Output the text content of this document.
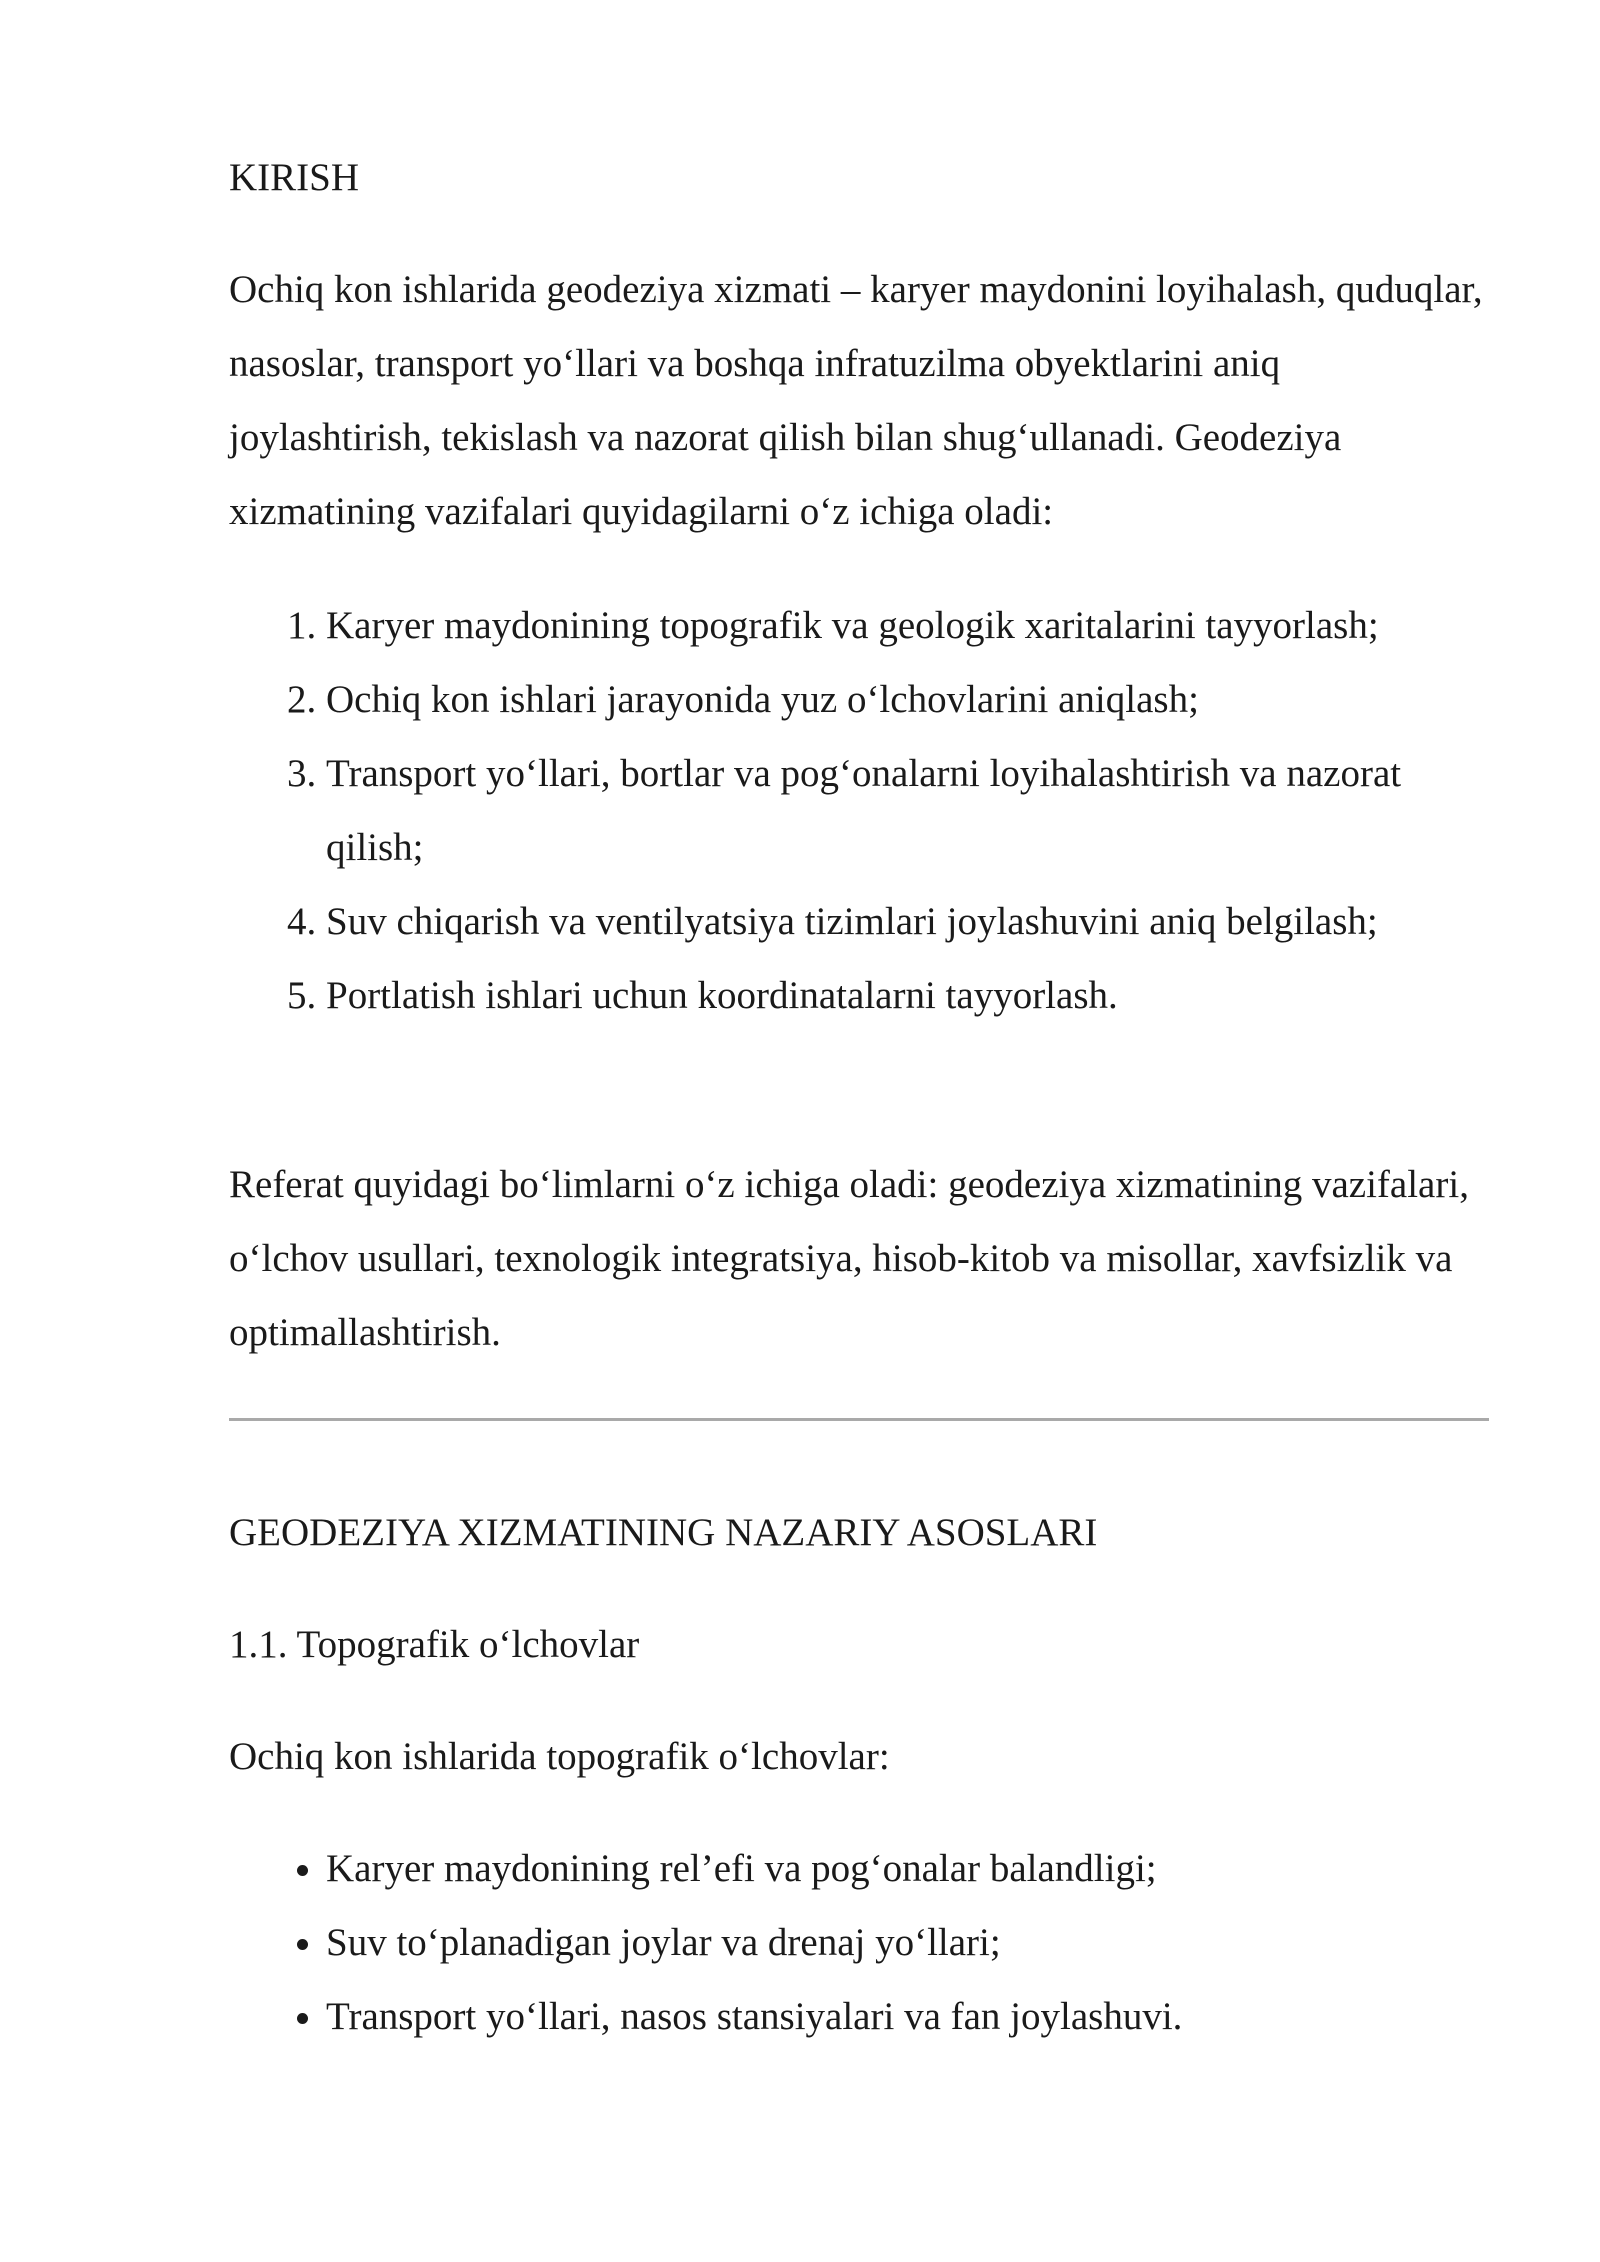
KIRISH

Ochiq kon ishlarida geodeziya xizmati – karyer maydonini loyihalash, quduqlar, nasoslar, transport yo‘llari va boshqa infratuzilma obyektlarini aniq joylashtirish, tekislash va nazorat qilish bilan shug‘ullanadi. Geodeziya xizmatining vazifalari quyidagilarni o‘z ichiga oladi:

1. Karyer maydonining topografik va geologik xaritalarini tayyorlash;
2. Ochiq kon ishlari jarayonida yuz o‘lchovlarini aniqlash;
3. Transport yo‘llari, bortlar va pog‘onalarni loyihalashtirish va nazorat qilish;
4. Suv chiqarish va ventilyatsiya tizimlari joylashuvini aniq belgilash;
5. Portlatish ishlari uchun koordinatalarni tayyorlash.

Referat quyidagi bo‘limlarni o‘z ichiga oladi: geodeziya xizmatining vazifalari, o‘lchov usullari, texnologik integratsiya, hisob-kitob va misollar, xavfsizlik va optimallashtirish.

GEODEZIYA XIZMATINING NAZARIY ASOSLARI
1.1. Topografik o‘lchovlar

Ochiq kon ishlarida topografik o‘lchovlar:

• Karyer maydonining rel’efi va pog‘onalar balandligi;
• Suv to‘planadigan joylar va drenaj yo‘llari;
• Transport yo‘llari, nasos stansiyalari va fan joylashuvi.
